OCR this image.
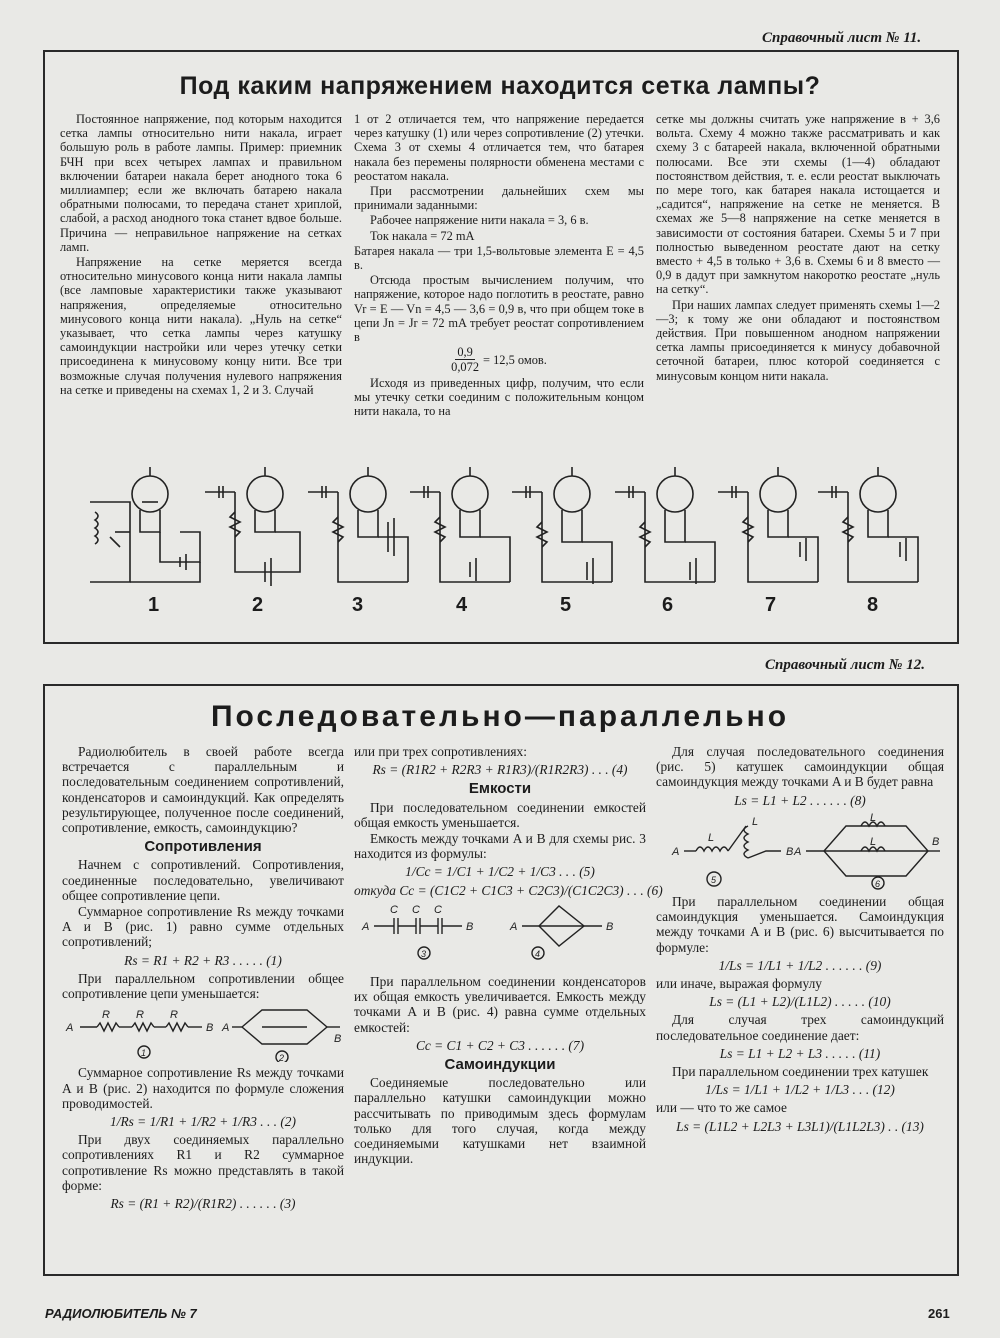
Справочный лист № 11.
Под каким напряжением находится сетка лампы?

Постоянное напряжение, под которым находится сетка лампы относительно нити накала, играет большую роль в работе лампы. Пример: приемник БЧН при всех четырех лампах и правильном включении батареи накала берет анодного тока 6 миллиампер; если же включать батарею накала обратными полюсами, то передача станет хриплой, слабой, а расход анодного тока станет вдвое больше. Причина — неправильное напряжение на сетках ламп.

Напряжение на сетке меряется всегда относительно минусового конца нити накала лампы (все ламповые характеристики также указывают напряжения, определяемые относительно минусового конца нити накала). „Нуль на сетке“ указывает, что сетка лампы через катушку самоиндукции настройки или через утечку сетки присоединена к минусовому концу нити. Все три возможные случая получения нулевого напряжения на сетке и приведены на схемах 1, 2 и 3. Случай

1 от 2 отличается тем, что напряжение передается через катушку (1) или через сопротивление (2) утечки. Схема 3 от схемы 4 отличается тем, что батарея накала без перемены полярности обменена местами с реостатом накала.

При рассмотрении дальнейших схем мы принимали заданными:

Рабочее напряжение нити накала = 3, 6 в.

Ток накала = 72 mA

Батарея накала — три 1,5-вольтовые элемента E = 4,5 в.

Отсюда простым вычислением получим, что напряжение, которое надо поглотить в реостате, равно Vr = E — Vn = 4,5 — 3,6 = 0,9 в, что при общем токе в цепи Jn = Jr = 72 mA требует реостат сопротивлением в

$\frac{0,9}{0,072} = 12,5$ омов.

Исходя из приведенных цифр, получим, что если мы утечку сетки соединим с положительным концом нити накала, то на

сетке мы должны считать уже напряжение в + 3,6 вольта. Схему 4 можно также рассматривать и как схему 3 с батареей накала, включенной обратными полюсами. Все эти схемы (1—4) обладают постоянством действия, т. е. если реостат выключать по мере того, как батарея накала истощается и „садится“, напряжение на сетке не меняется. В схемах же 5—8 напряжение на сетке меняется в зависимости от состояния батареи. Схемы 5 и 7 при полностью выведенном реостате дают на сетку вместо + 4,5 в только + 3,6 в. Схемы 6 и 8 вместо — 0,9 в дадут при замкнутом накоротко реостате „нуль на сетку“.

При наших лампах следует применять схемы 1—2—3; к тому же они обладают и постоянством действия. При повышенном анодном напряжении сетка лампы присоединяется к минусу добавочной сеточной батареи, плюс которой соединяется с минусовым концом нити накала.

1	2	3	4	5	6	7	8
Справочный лист № 12.
Последовательно—параллельно

Радиолюбитель в своей работе всегда встречается с параллельным и последовательным соединением сопротивлений, конденсаторов и самоиндукций. Как определять результирующее, полученное после соединений, сопротивление, емкость, самоиндукцию?

Сопротивления

Начнем с сопротивлений. Сопротивления, соединенные последовательно, увеличивают общее сопротивление цепи.

Суммарное сопротивление Rs между точками A и B (рис. 1) равно сумме отдельных сопротивлений;

Rs = R1 + R2 + R3 . . . . . (1)

При параллельном сопротивлении общее сопротивление цепи уменьшается:

A	B
R R R
A
B
1	2

Суммарное сопротивление Rs между точками A и B (рис. 2) находится по формуле сложения проводимостей.

1/Rs = 1/R1 + 1/R2 + 1/R3 . . . (2)

При двух соединяемых параллельно сопротивлениях R1 и R2 суммарное сопротивление Rs можно представлять в такой форме:

Rs = (R1 + R2)/(R1R2) . . . . . . (3)

или при трех сопротивлениях:

Rs = (R1R2 + R2R3 + R1R3)/(R1R2R3) . . . (4)
Емкости

При последовательном соединении емкостей общая емкость уменьшается.

Емкость между точками A и B для схемы рис. 3 находится из формулы:

1/Cc = 1/C1 + 1/C2 + 1/C3 . . . (5)
откуда Cc = (C1C2 + C1C3 + C2C3)/(C1C2C3) . . . (6)
A	B
C C C
A	B
3	4

При параллельном соединении конденсаторов их общая емкость увеличивается. Емкость между точками A и B (рис. 4) равна сумме отдельных емкостей:

Cc = C1 + C2 + C3 . . . . . . (7)
Самоиндукции

Соединяемые последовательно или параллельно катушки самоиндукции можно рассчитывать по приводимым здесь формулам только для того случая, когда между соединяемыми катушками нет взаимной индукции.

Для случая последовательного соединения (рис. 5) катушек самоиндукции общая самоиндукция между точками A и B будет равна

Ls = L1 + L2 . . . . . . (8)
A	B
L
L
A
B
L
L
5	6

При параллельном соединении общая самоиндукция уменьшается. Самоиндукция между точками A и B (рис. 6) высчитывается по формуле:

1/Ls = 1/L1 + 1/L2 . . . . . . (9)

или иначе, выражая формулу

Ls = (L1 + L2)/(L1L2) . . . . . (10)

Для случая трех самоиндукций последовательное соединение дает:

Ls = L1 + L2 + L3 . . . . . (11)

При параллельном соединении трех катушек

1/Ls = 1/L1 + 1/L2 + 1/L3 . . . (12)

или — что то же самое

Ls = (L1L2 + L2L3 + L3L1)/(L1L2L3) . . (13)
РАДИОЛЮБИТЕЛЬ № 7	261
